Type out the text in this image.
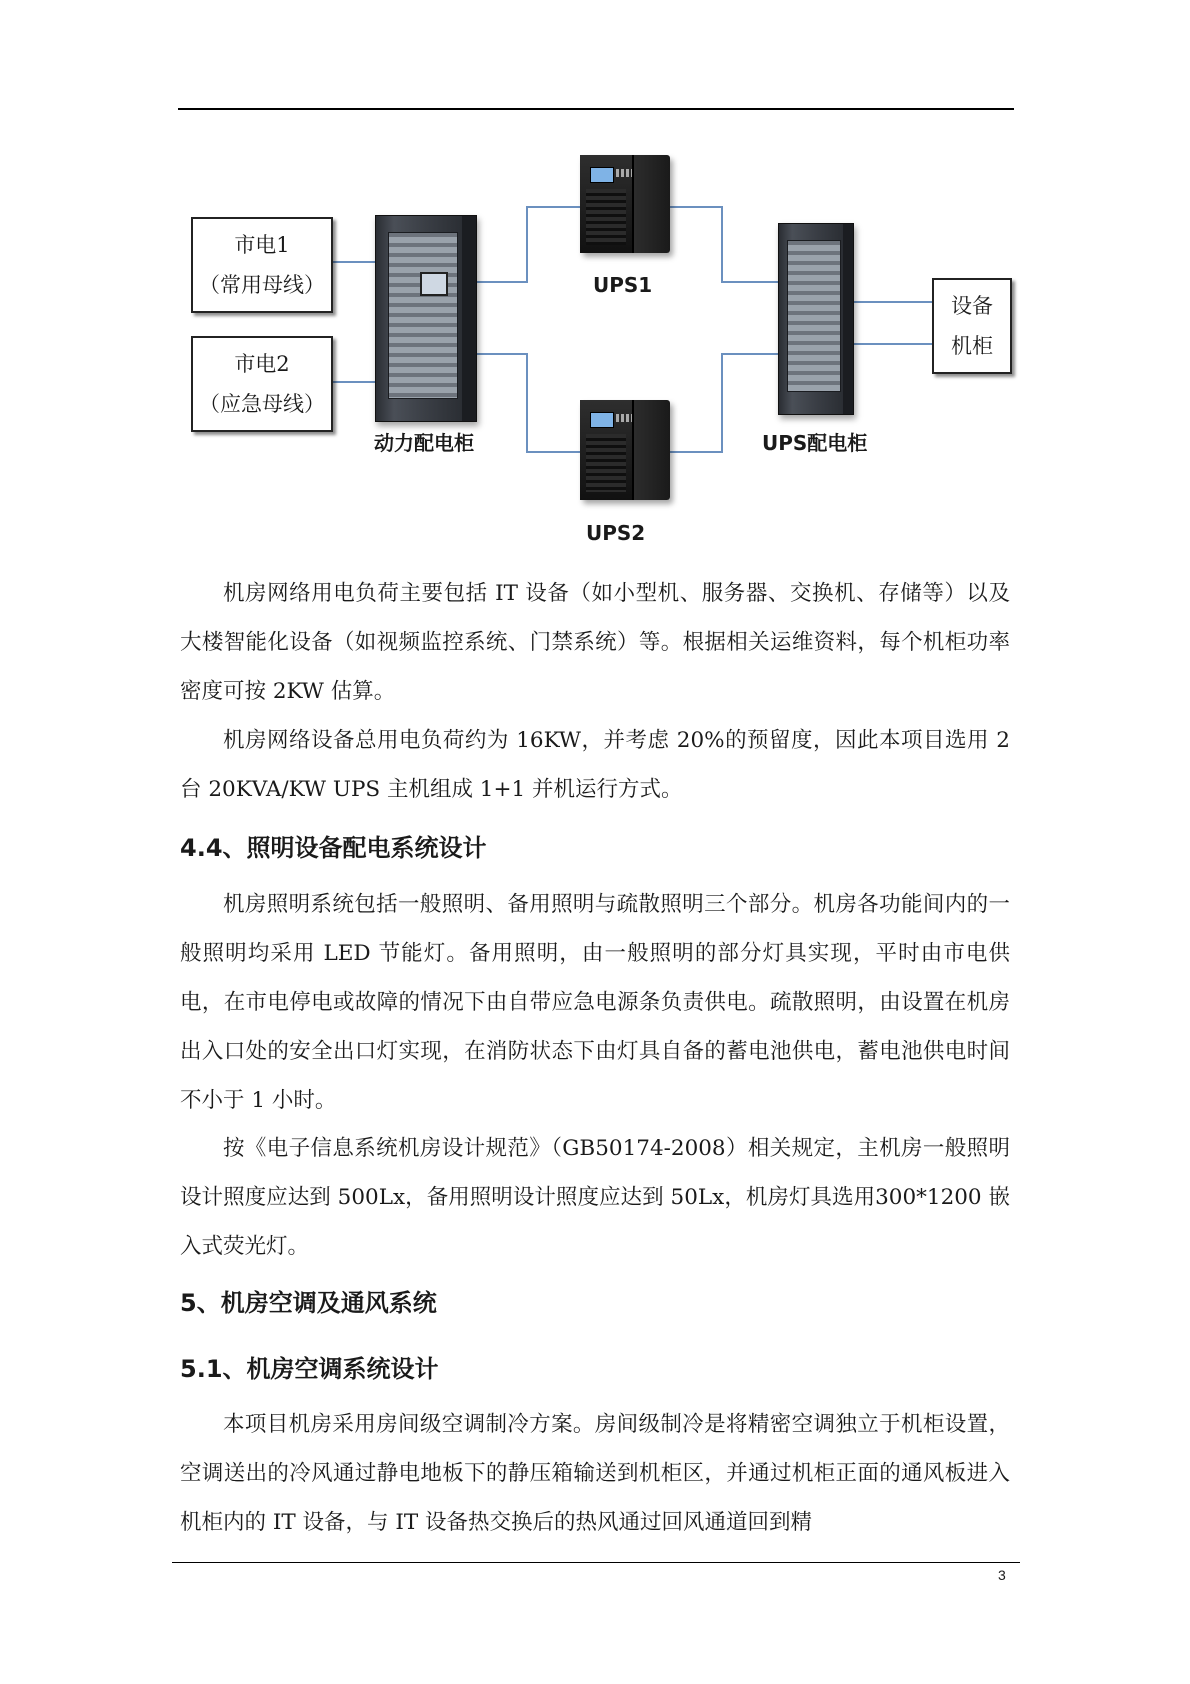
市电1
（常用母线）
市电2
（应急母线）
动力配电柜
UPS1
UPS2
UPS配电柜
设备
机柜

机房网络用电负荷主要包括 IT 设备（如小型机、服务器、交换机、存储等）以及大楼智能化设备（如视频监控系统、门禁系统）等。根据相关运维资料，每个机柜功率密度可按 2KW 估算。

机房网络设备总用电负荷约为 16KW，并考虑 20%的预留度，因此本项目选用 2 台 20KVA/KW UPS 主机组成 1+1 并机运行方式。

4.4、照明设备配电系统设计

机房照明系统包括一般照明、备用照明与疏散照明三个部分。机房各功能间内的一般照明均采用 LED 节能灯。备用照明，由一般照明的部分灯具实现，平时由市电供电，在市电停电或故障的情况下由自带应急电源条负责供电。疏散照明，由设置在机房出入口处的安全出口灯实现，在消防状态下由灯具自备的蓄电池供电，蓄电池供电时间不小于 1 小时。

按《电子信息系统机房设计规范》（GB50174-2008）相关规定，主机房一般照明设计照度应达到 500Lx，备用照明设计照度应达到 50Lx，机房灯具选用300*1200 嵌入式荧光灯。

5、机房空调及通风系统
5.1、机房空调系统设计

本项目机房采用房间级空调制冷方案。房间级制冷是将精密空调独立于机柜设置，空调送出的冷风通过静电地板下的静压箱输送到机柜区，并通过机柜正面的通风板进入机柜内的 IT 设备，与 IT 设备热交换后的热风通过回风通道回到精

3
